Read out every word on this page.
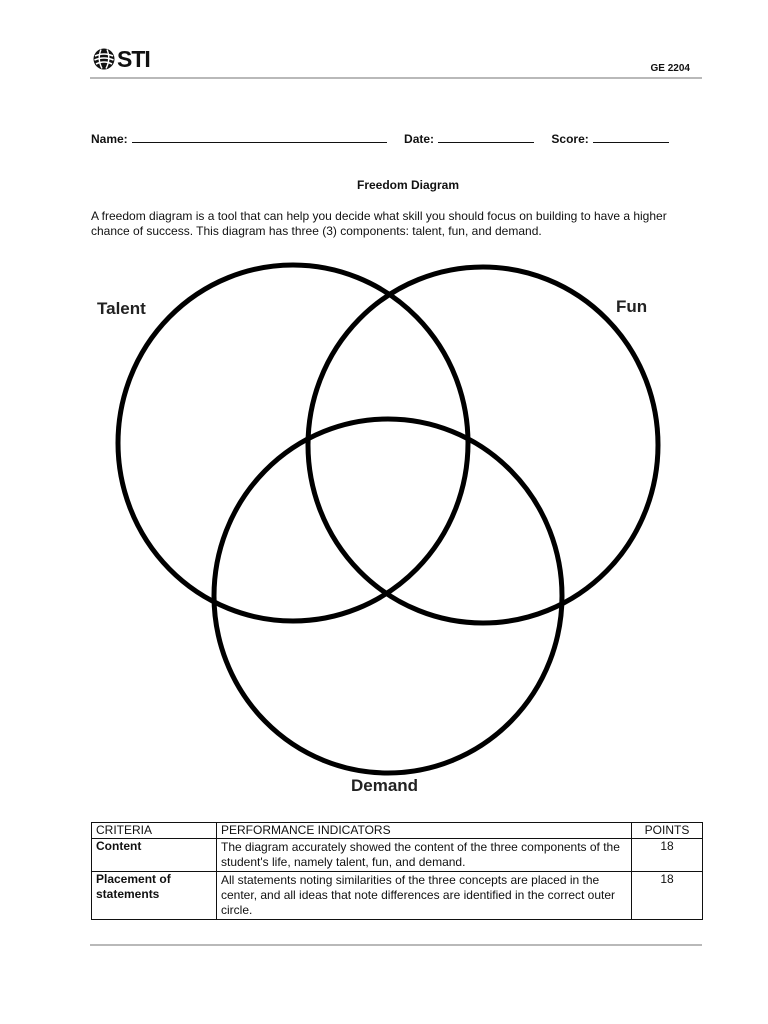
STI	GE 2204
Name:	Date:	Score:
Freedom Diagram
A freedom diagram is a tool that can help you decide what skill you should focus on building to have a higher chance of success. This diagram has three (3) components: talent, fun, and demand.
Talent	Fun
Demand
CRITERIA	PERFORMANCE INDICATORS	POINTS
Content	The diagram accurately showed the content of the three components of the student's life, namely talent, fun, and demand.	18
Placement of statements	All statements noting similarities of the three concepts are placed in the center, and all ideas that note differences are identified in the correct outer circle.	18
